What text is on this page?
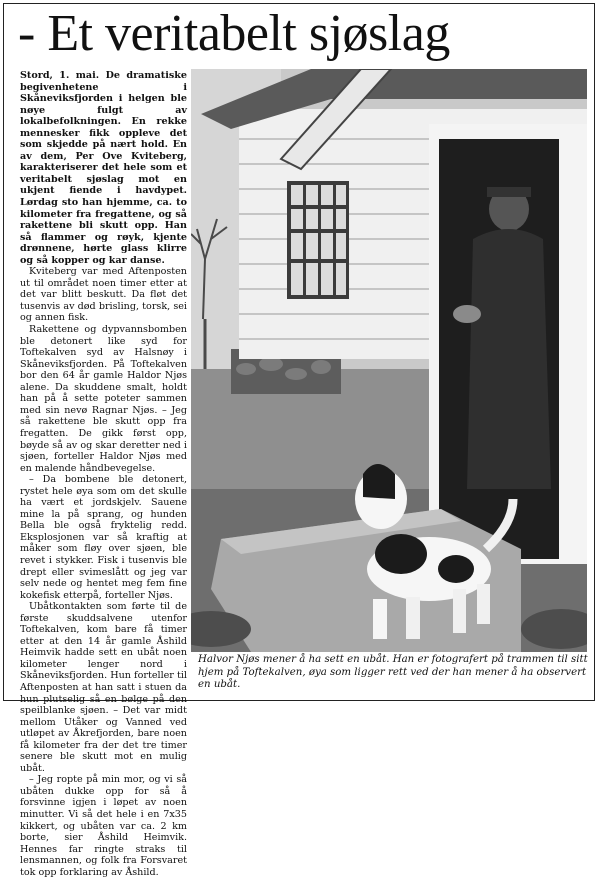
- Et veritabelt sjøslag

Stord, 1. mai. De dramatiske begivenhetene i Skåneviksfjorden i helgen ble nøye fulgt av lokalbefolkningen. En rekke mennesker fikk oppleve det som skjedde på nært hold. En av dem, Per Ove Kviteberg, karakteriserer det hele som et veritabelt sjøslag mot en ukjent fiende i havdypet. Lørdag sto han hjemme, ca. to kilometer fra fregattene, og så rakettene bli skutt opp. Han så flammer og røyk, kjente drønnene, hørte glass klirre og så kopper og kar danse.

Kviteberg var med Aftenposten ut til området noen timer etter at det var blitt beskutt. Da fløt det tusenvis av død brisling, torsk, sei og annen fisk.

Rakettene og dypvannsbomben ble detonert like syd for Toftekalven syd av Halsnøy i Skåneviksfjorden. På Toftekalven bor den 64 år gamle Haldor Njøs alene. Da skuddene smalt, holdt han på å sette poteter sammen med sin nevø Ragnar Njøs. – Jeg så rakettene ble skutt opp fra fregatten. De gikk først opp, bøyde så av og skar deretter ned i sjøen, forteller Haldor Njøs med en malende håndbevegelse.

– Da bombene ble detonert, rystet hele øya som om det skulle ha vært et jordskjelv. Sauene mine la på sprang, og hunden Bella ble også fryktelig redd. Eksplosjonen var så kraftig at måker som fløy over sjøen, ble revet i stykker. Fisk i tusenvis ble drept eller svimeslått og jeg var selv nede og hentet meg fem fine kokefisk etterpå, forteller Njøs.

Ubåtkontakten som førte til de første skuddsalvene utenfor Toftekalven, kom bare få timer etter at den 14 år gamle Åshild Heimvik hadde sett en ubåt noen kilometer lenger nord i Skåneviksfjorden. Hun forteller til Aftenposten at han satt i stuen da hun plutselig så en bølge på den speilblanke sjøen. – Det var midt mellom Utåker og Vanned ved utløpet av Åkrefjorden, bare noen få kilometer fra der det tre timer senere ble skutt mot en mulig ubåt.

– Jeg ropte på min mor, og vi så ubåten dukke opp for så å forsvinne igjen i løpet av noen minutter. Vi så det hele i en 7x35 kikkert, og ubåten var ca. 2 km borte, sier Åshild Heimvik. Hennes far ringte straks til lensmannen, og folk fra Forsvaret tok opp forklaring av Åshild.

Halvor Njøs mener å ha sett en ubåt. Han er fotografert på trammen til sitt hjem på Toftekalven, øya som ligger rett ved der han mener å ha observert en ubåt.
